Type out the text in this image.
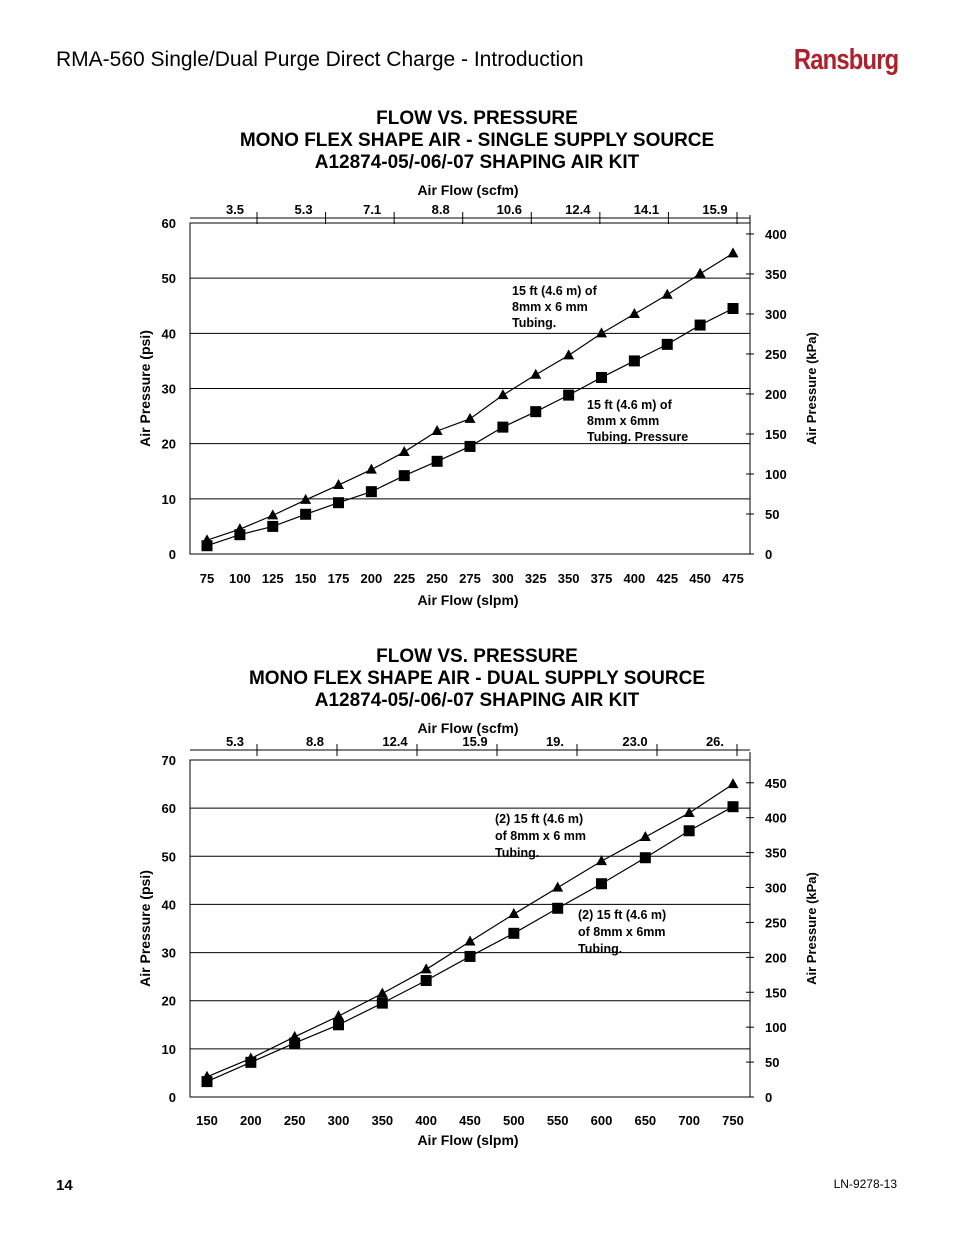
RMA-560 Single/Dual Purge Direct Charge - Introduction	Ransburg
FLOW VS. PRESSURE
MONO FLEX SHAPE AIR - SINGLE SUPPLY SOURCE
A12874-05/-06/-07 SHAPING AIR KIT
0
10
20
30
40
50
60
0
50
100
150
200
250
300
350
400
75 100 125 150 175 200 225 250 275 300 325 350 375 400 425 450 475
Air Flow (slpm)
3.5	5.3	7.1	8.8	10.6	12.4	14.1	15.9
Air Flow (scfm)
Air Pressure (psi)	Air Pressure (kPa)
15 ft (4.6 m) of
8mm x 6 mm
Tubing.
15 ft (4.6 m) of
8mm x 6mm
Tubing. Pressure
FLOW VS. PRESSURE
MONO FLEX SHAPE AIR - DUAL SUPPLY SOURCE
A12874-05/-06/-07 SHAPING AIR KIT
0
10
20
30
40
50
60
70
0
50
100
150
200
250
300
350
400
450
150 200 250 300 350 400 450 500 550 600 650 700 750
Air Flow (slpm)
5.3	8.8	12.4	15.9	19.	23.0	26.
Air Flow (scfm)
Air Pressure (psi)	Air Pressure (kPa)
(2) 15 ft (4.6 m)
of 8mm x 6 mm
Tubing.
(2) 15 ft (4.6 m)
of 8mm x 6mm
Tubing.
14	LN-9278-13
